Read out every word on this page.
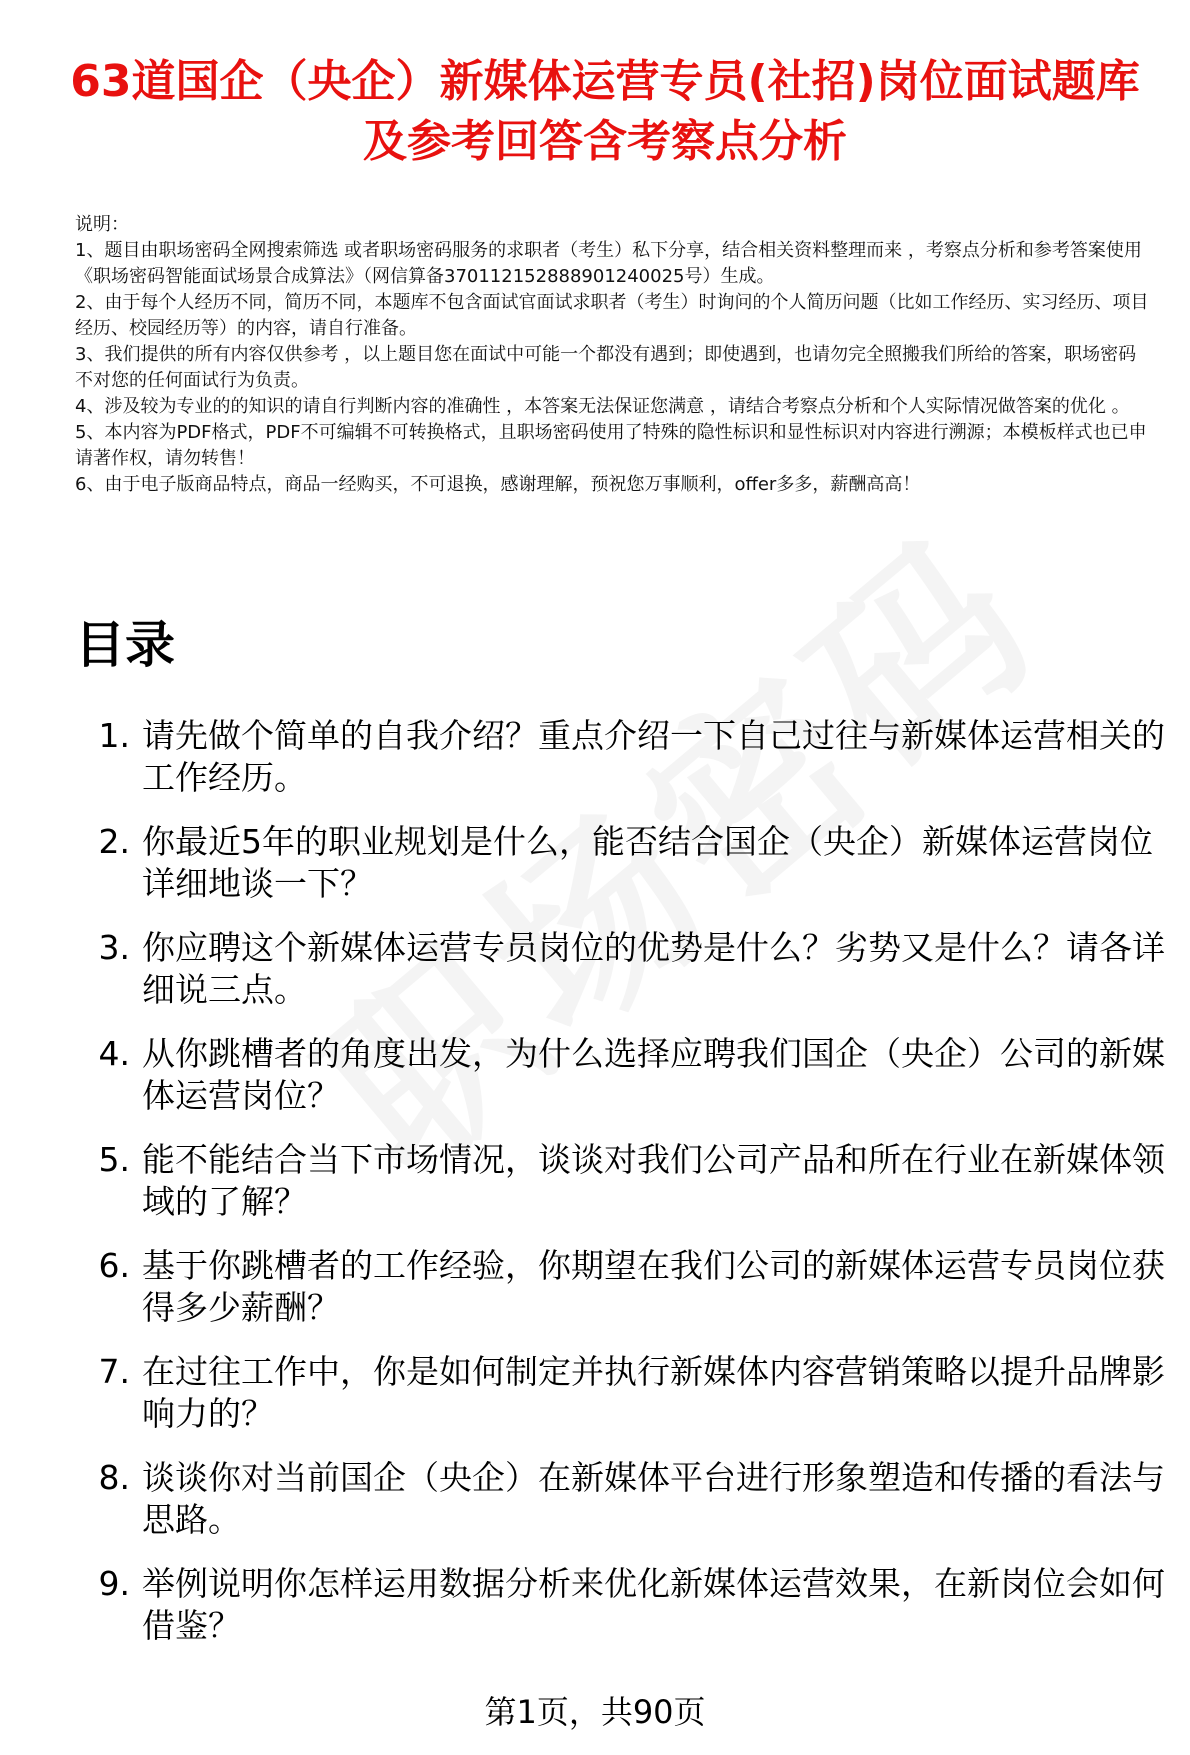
63道国企（央企）新媒体运营专员(社招)岗位面试题库及参考回答含考察点分析

说明：

1、题目由职场密码全网搜索筛选 或者职场密码服务的求职者（考生）私下分享，结合相关资料整理而来 ，考察点分析和参考答案使用《职场密码智能面试场景合成算法》（网信算备370112152888901240025号）生成。

2、由于每个人经历不同，简历不同，本题库不包含面试官面试求职者（考生）时询问的个人简历问题（比如工作经历、实习经历、项目经历、校园经历等）的内容，请自行准备。

3、我们提供的所有内容仅供参考 ，以上题目您在面试中可能一个都没有遇到；即使遇到，也请勿完全照搬我们所给的答案，职场密码不对您的任何面试行为负责。

4、涉及较为专业的的知识的请自行判断内容的准确性 ，本答案无法保证您满意 ，请结合考察点分析和个人实际情况做答案的优化 。

5、本内容为PDF格式，PDF不可编辑不可转换格式，且职场密码使用了特殊的隐性标识和显性标识对内容进行溯源；本模板样式也已申请著作权，请勿转售！

6、由于电子版商品特点，商品一经购买，不可退换，感谢理解，预祝您万事顺利，offer多多，薪酬高高！

目录
1. 请先做个简单的自我介绍？重点介绍一下自己过往与新媒体运营相关的工作经历。
2. 你最近5年的职业规划是什么，能否结合国企（央企）新媒体运营岗位详细地谈一下？
3. 你应聘这个新媒体运营专员岗位的优势是什么？劣势又是什么？请各详细说三点。
4. 从你跳槽者的角度出发，为什么选择应聘我们国企（央企）公司的新媒体运营岗位？
5. 能不能结合当下市场情况，谈谈对我们公司产品和所在行业在新媒体领域的了解？
6. 基于你跳槽者的工作经验，你期望在我们公司的新媒体运营专员岗位获得多少薪酬？
7. 在过往工作中，你是如何制定并执行新媒体内容营销策略以提升品牌影响力的？
8. 谈谈你对当前国企（央企）在新媒体平台进行形象塑造和传播的看法与思路。
9. 举例说明你怎样运用数据分析来优化新媒体运营效果，在新岗位会如何借鉴？
第1页，共90页
